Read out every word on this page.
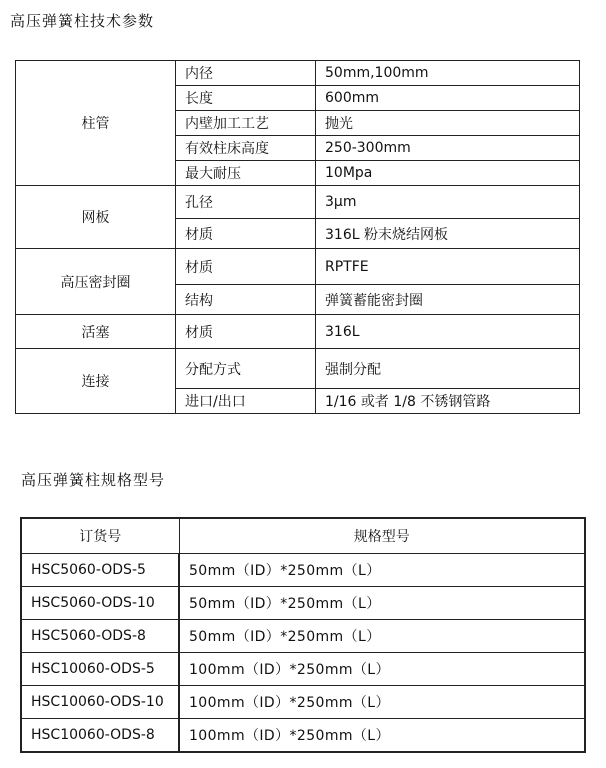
高压弹簧柱技术参数
柱管	内径	50mm,100mm
	长度	600mm
	内壁加工工艺	抛光
	有效柱床高度	250-300mm
	最大耐压	10Mpa
网板	孔径	3μm
	材质	316L 粉末烧结网板
高压密封圈	材质	RPTFE
	结构	弹簧蓄能密封圈
活塞	材质	316L
连接	分配方式	强制分配
	进口/出口	1/16 或者 1/8 不锈钢管路
高压弹簧柱规格型号
订货号	规格型号
HSC5060-ODS-5	50mm（ID）*250mm（L）
HSC5060-ODS-10	50mm（ID）*250mm（L）
HSC5060-ODS-8	50mm（ID）*250mm（L）
HSC10060-ODS-5	100mm（ID）*250mm（L）
HSC10060-ODS-10	100mm（ID）*250mm（L）
HSC10060-ODS-8	100mm（ID）*250mm（L）
